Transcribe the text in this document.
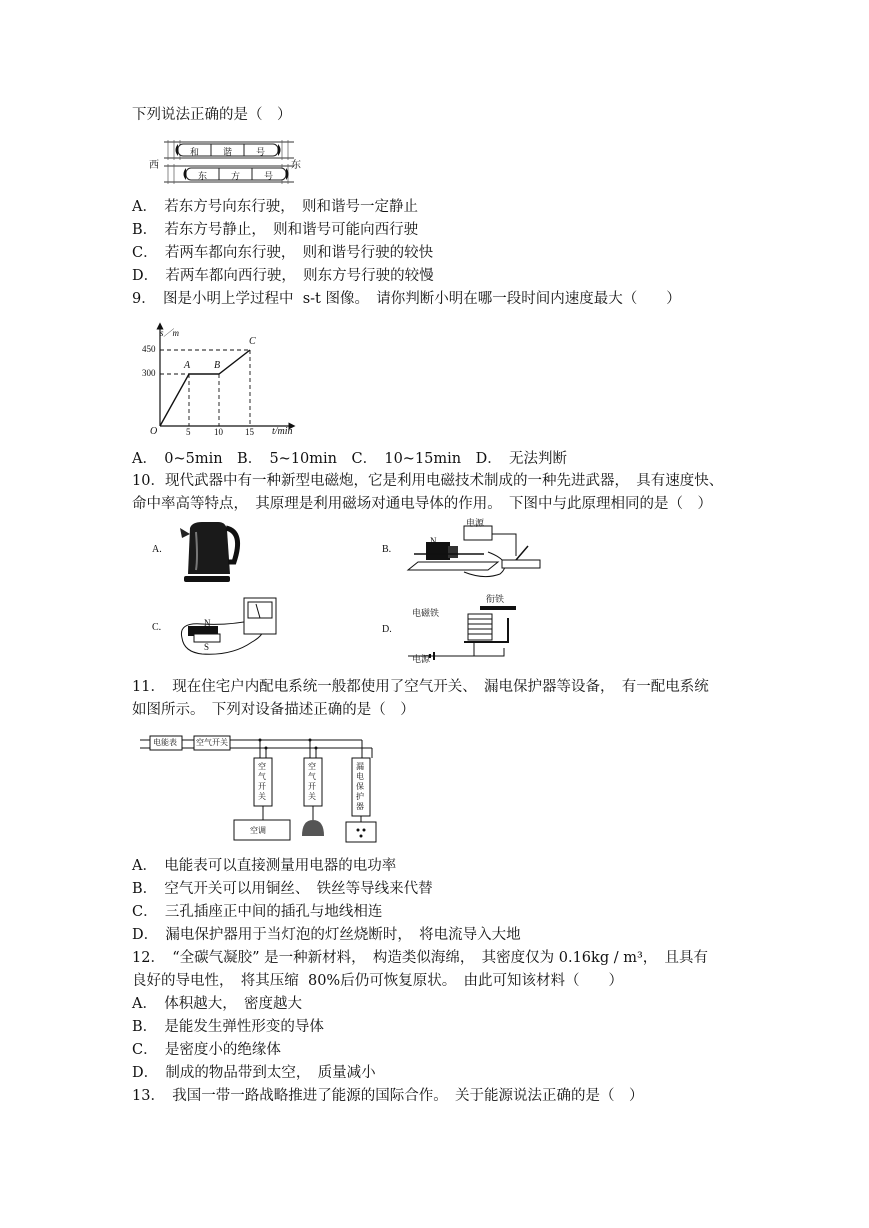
下列说法正确的是（　）
西	东
和	谐	号
东	方	号
A．　若东方号向东行驶，　则和谐号一定静止
B．　若东方号静止，　则和谐号可能向西行驶
C．　若两车都向东行驶，　则和谐号行驶的较快
D．　若两车都向西行驶，　则东方号行驶的较慢
9．　图是小明上学过程中  s-t 图像。　请你判断小明在哪一段时间内速度最大（　　）
s／m
450
300
O	5	10 15 t/min
A B
C
A．　0~5min　B．　5~10min　C．　10~15min　D．　无法判断
10．现代武器中有一种新型电磁炮，它是利用电磁技术制成的一种先进武器，　具有速度快、
命中率高等特点，　其原理是利用磁场对通电导体的作用。　下图中与此原理相同的是（　）
A.	B.
电源
N
C.	N
S
D.
衔铁
电磁铁
电源
11．　现在住宅户内配电系统一般都使用了空气开关、　漏电保护器等设备，　有一配电系统
如图所示。　下列对设备描述正确的是（　）
电能表 空气开关
空气开关
空气开关
漏电保护器
空调
A．　电能表可以直接测量用电器的电功率
B．　空气开关可以用铜丝、　铁丝等导线来代替
C．　三孔插座正中间的插孔与地线相连
D．　漏电保护器用于当灯泡的灯丝烧断时，　将电流导入大地
12．　“全碳气凝胶” 是一种新材料，　构造类似海绵，　其密度仅为 0.16kg / m³，　且具有
良好的导电性，　将其压缩  80%后仍可恢复原状。　由此可知该材料（　　）
A．　体积越大，　密度越大
B．　是能发生弹性形变的导体
C．　是密度小的绝缘体
D．　制成的物品带到太空，　质量减小
13．　我国一带一路战略推进了能源的国际合作。　关于能源说法正确的是（　）
